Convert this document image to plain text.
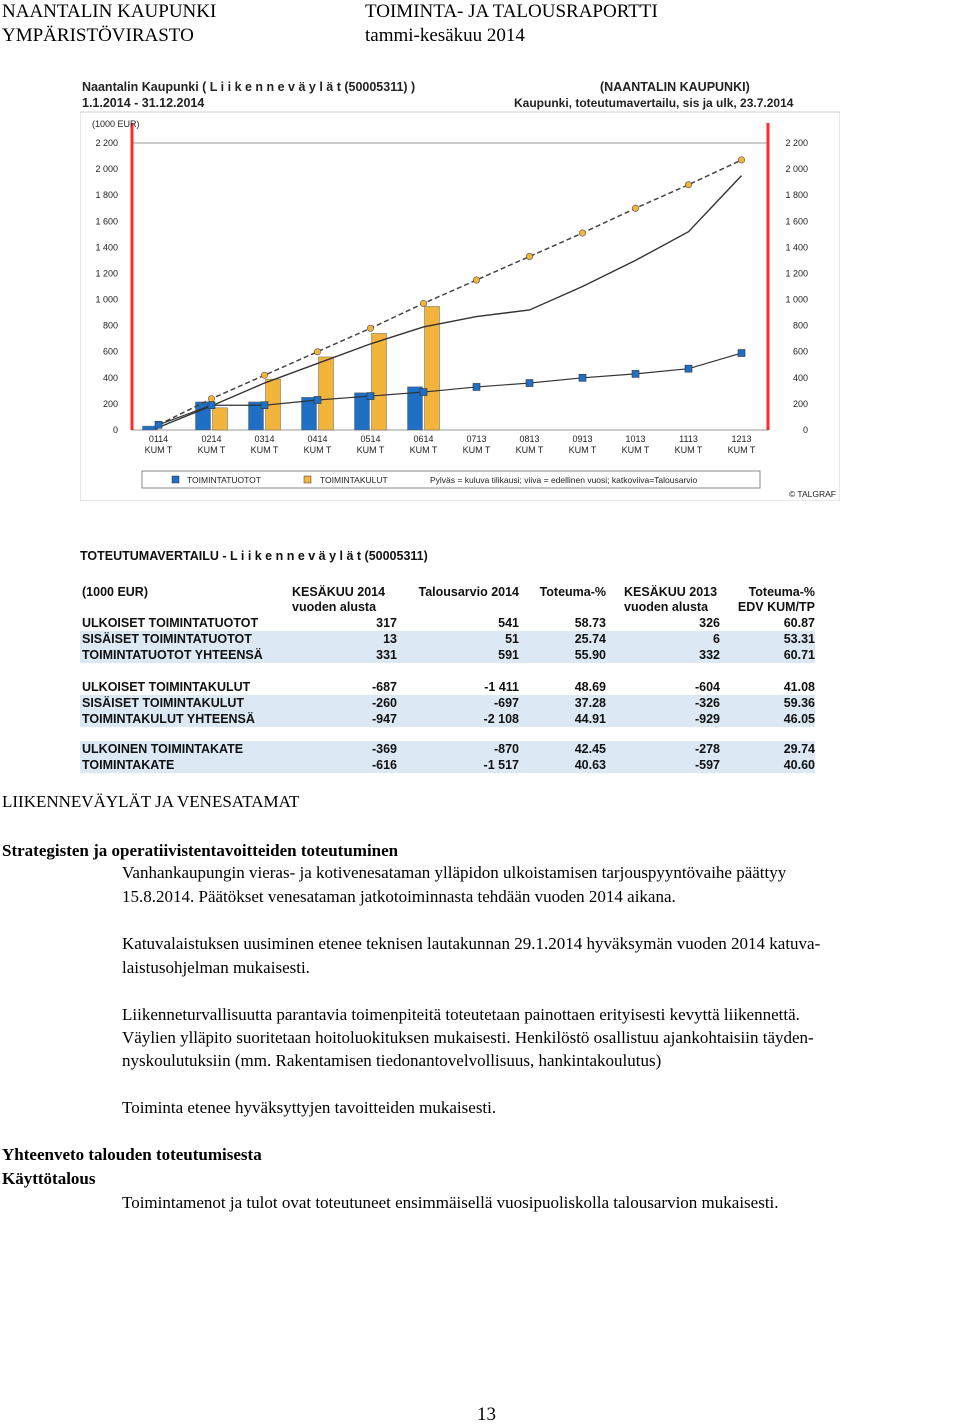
NAANTALIN KAUPUNKI
YMPÄRISTÖVIRASTO
TOIMINTA- JA TALOUSRAPORTTI
tammi-kesäkuu 2014
Naantalin Kaupunki ( L i i k e n n e v ä y l ä t (50005311) )
1.1.2014 - 31.12.2014
(NAANTALIN KAUPUNKI)
Kaupunki, toteutumavertailu, sis ja ulk, 23.7.2014
(1000 EUR)
0	0
200	200
400	400
600	600
800	800
1 000	1 000
1 200	1 200
1 400	1 400
1 600	1 600
1 800	1 800
2 000	2 000
2 200	2 200
0114
KUM T
0214
KUM T
0314
KUM T
0414
KUM T
0514
KUM T
0614
KUM T
0713
KUM T
0813
KUM T
0913
KUM T
1013
KUM T
1113
KUM T
1213
KUM T
TOIMINTATUOTOT	TOIMINTAKULUT	Pylväs = kuluva tilikausi; viiva = edellinen vuosi; katkoviiva=Talousarvio
© TALGRAF
TOTEUTUMAVERTAILU - L i i k e n n e v ä y l ä t (50005311)
(1000 EUR)	KESÄKUU 2014
vuoden alusta
Talousarvio 2014	Toteuma-% KESÄKUU 2013
vuoden alusta
Toteuma-%
EDV KUM/TP
ULKOISET TOIMINTATUOTOT	317	541	58.73	326	60.87
SISÄISET TOIMINTATUOTOT	13	51	25.74	6	53.31
TOIMINTATUOTOT YHTEENSÄ	331	591	55.90	332	60.71
ULKOISET TOIMINTAKULUT	-687	-1 411	48.69	-604	41.08
SISÄISET TOIMINTAKULUT	-260	-697	37.28	-326	59.36
TOIMINTAKULUT YHTEENSÄ	-947	-2 108	44.91	-929	46.05
ULKOINEN TOIMINTAKATE	-369	-870	42.45	-278	29.74
TOIMINTAKATE	-616	-1 517	40.63	-597	40.60
LIIKENNEVÄYLÄT JA VENESATAMAT
Strategisten ja operatiivistentavoitteiden toteutuminen
Vanhankaupungin vieras- ja kotivenesataman ylläpidon ulkoistamisen tarjouspyyntövaihe päättyy
15.8.2014. Päätökset venesataman jatkotoiminnasta tehdään vuoden 2014 aikana.
Katuvalaistuksen uusiminen etenee teknisen lautakunnan 29.1.2014 hyväksymän vuoden 2014 katuva-
laistusohjelman mukaisesti.
Liikenneturvallisuutta parantavia toimenpiteitä toteutetaan painottaen erityisesti kevyttä liikennettä.
Väylien ylläpito suoritetaan hoitoluokituksen mukaisesti. Henkilöstö osallistuu ajankohtaisiin täyden-
nyskoulutuksiin (mm. Rakentamisen tiedonantovelvollisuus, hankintakoulutus)
Toiminta etenee hyväksyttyjen tavoitteiden mukaisesti.
Yhteenveto talouden toteutumisesta
Käyttötalous
Toimintamenot ja tulot ovat toteutuneet ensimmäisellä vuosipuoliskolla talousarvion mukaisesti.
13
